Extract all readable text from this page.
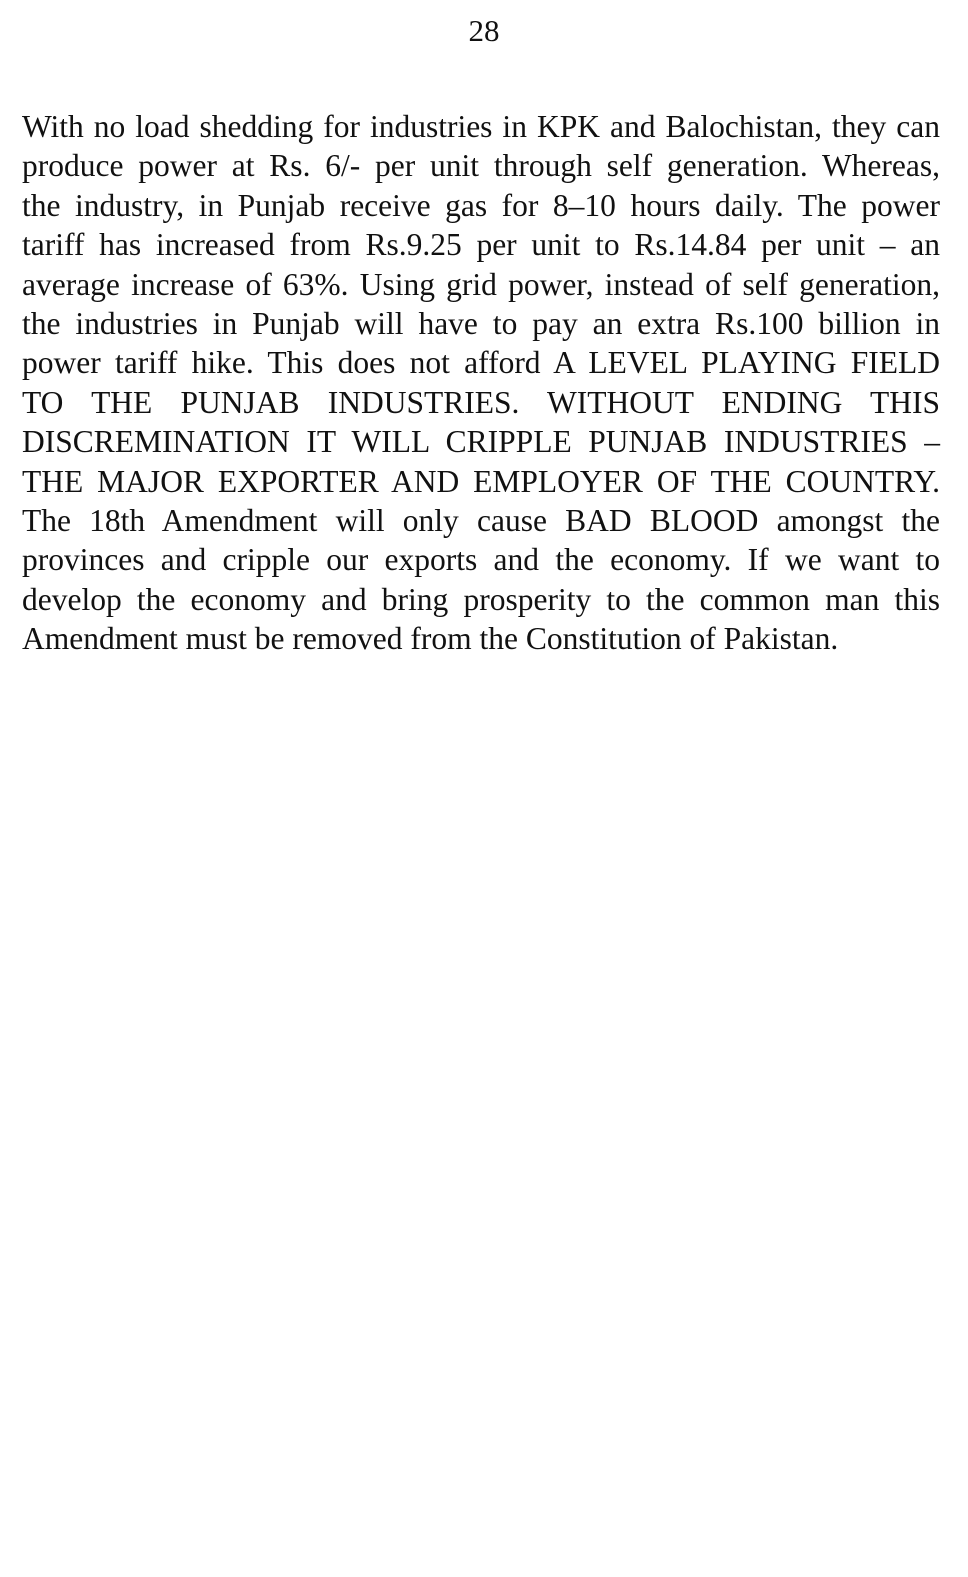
28

With no load shedding for industries in KPK and Balochistan, they can
produce power at Rs. 6/- per unit through self generation. Whereas,
the industry, in Punjab receive gas for 8–10 hours daily. The power
tariff has increased from Rs.9.25 per unit to Rs.14.84 per unit – an
average increase of 63%. Using grid power, instead of self generation,
the industries in Punjab will have to pay an extra Rs.100 billion in
power tariff hike. This does not afford A LEVEL PLAYING FIELD
TO THE PUNJAB INDUSTRIES. WITHOUT ENDING THIS
DISCREMINATION IT WILL CRIPPLE PUNJAB INDUSTRIES –
THE MAJOR EXPORTER AND EMPLOYER OF THE COUNTRY.
The 18th Amendment will only cause BAD BLOOD amongst the
provinces and cripple our exports and the economy. If we want to
develop the economy and bring prosperity to the common man this
Amendment must be removed from the Constitution of Pakistan.
